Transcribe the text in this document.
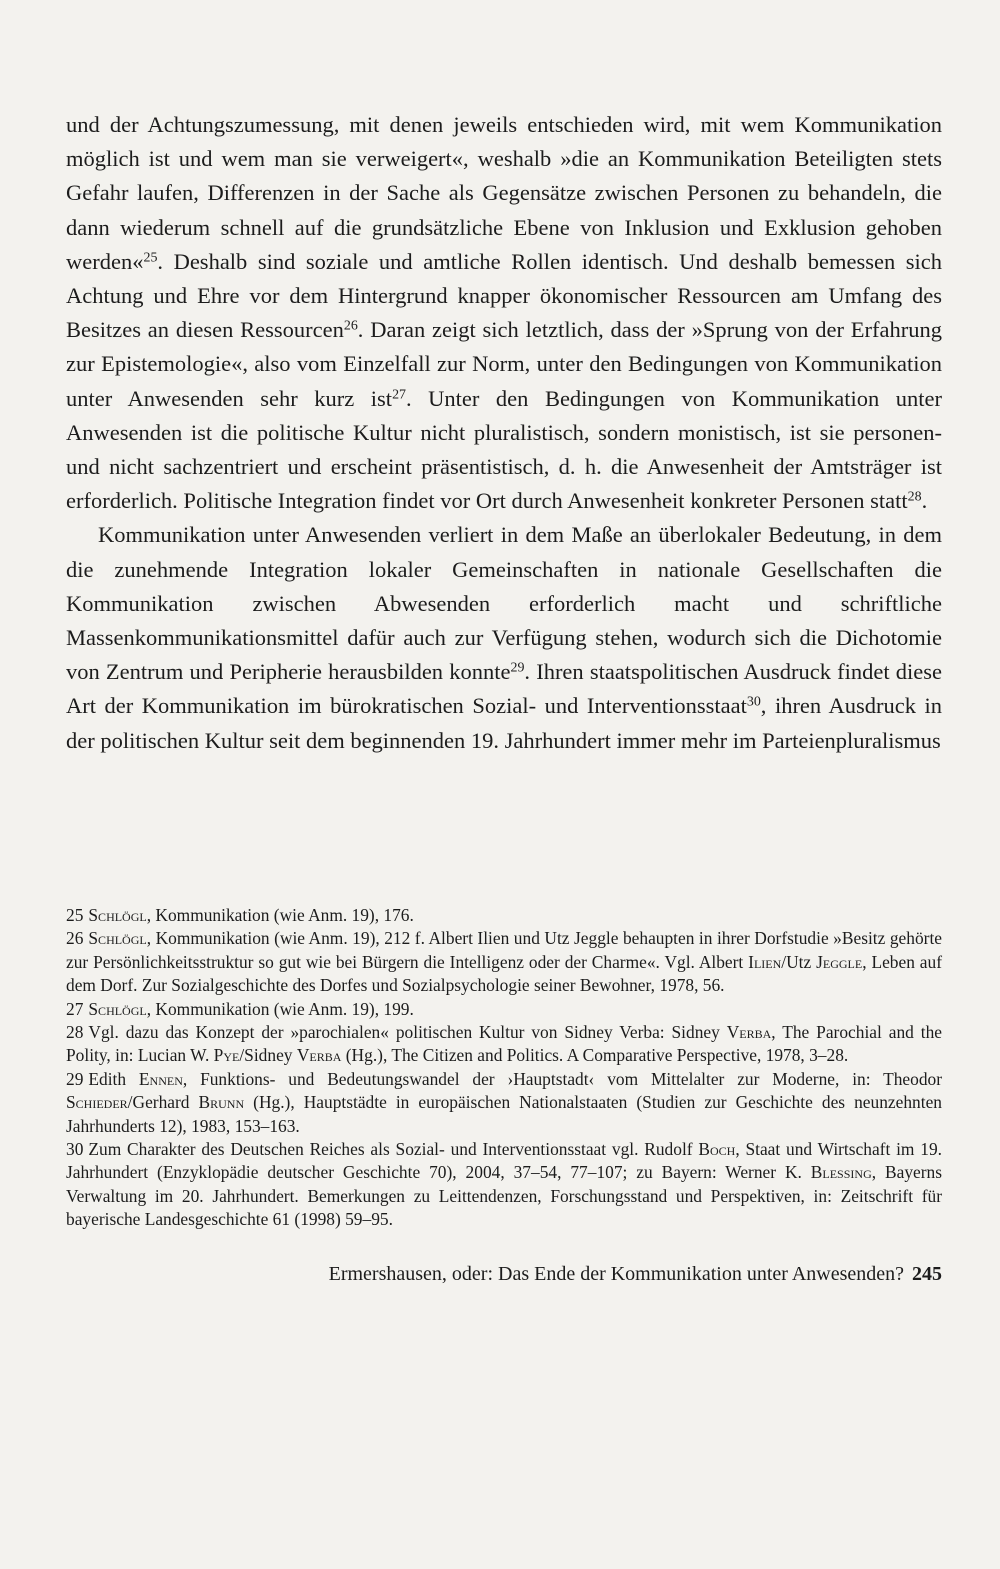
und der Achtungszumessung, mit denen jeweils entschieden wird, mit wem Kommunikation möglich ist und wem man sie verweigert«, weshalb »die an Kommunikation Beteiligten stets Gefahr laufen, Differenzen in der Sache als Gegensätze zwischen Personen zu behandeln, die dann wiederum schnell auf die grundsätzliche Ebene von Inklusion und Exklusion gehoben werden«$^{25}$. Deshalb sind soziale und amtliche Rollen identisch. Und deshalb bemessen sich Achtung und Ehre vor dem Hintergrund knapper ökonomischer Ressourcen am Umfang des Besitzes an diesen Ressourcen$^{26}$. Daran zeigt sich letztlich, dass der »Sprung von der Erfahrung zur Epistemologie«, also vom Einzelfall zur Norm, unter den Bedingungen von Kommunikation unter Anwesenden sehr kurz ist$^{27}$. Unter den Bedingungen von Kommunikation unter Anwesenden ist die politische Kultur nicht pluralistisch, sondern monistisch, ist sie personen- und nicht sachzentriert und erscheint präsentistisch, d. h. die Anwesenheit der Amtsträger ist erforderlich. Politische Integration findet vor Ort durch Anwesenheit konkreter Personen statt$^{28}$.

Kommunikation unter Anwesenden verliert in dem Maße an überlokaler Bedeutung, in dem die zunehmende Integration lokaler Gemeinschaften in nationale Gesellschaften die Kommunikation zwischen Abwesenden erforderlich macht und schriftliche Massenkommunikationsmittel dafür auch zur Verfügung stehen, wodurch sich die Dichotomie von Zentrum und Peripherie herausbilden konnte$^{29}$. Ihren staatspolitischen Ausdruck findet diese Art der Kommunikation im bürokratischen Sozial- und Interventionsstaat$^{30}$, ihren Ausdruck in der politischen Kultur seit dem beginnenden 19. Jahrhundert immer mehr im Parteienpluralismus

25 Schlögl, Kommunikation (wie Anm. 19), 176.

26 Schlögl, Kommunikation (wie Anm. 19), 212 f. Albert Ilien und Utz Jeggle behaupten in ihrer Dorfstudie »Besitz gehörte zur Persönlichkeitsstruktur so gut wie bei Bürgern die Intelligenz oder der Charme«. Vgl. Albert Ilien/Utz Jeggle, Leben auf dem Dorf. Zur Sozialgeschichte des Dorfes und Sozialpsychologie seiner Bewohner, 1978, 56.

27 Schlögl, Kommunikation (wie Anm. 19), 199.

28 Vgl. dazu das Konzept der »parochialen« politischen Kultur von Sidney Verba: Sidney Verba, The Parochial and the Polity, in: Lucian W. Pye/Sidney Verba (Hg.), The Citizen and Politics. A Comparative Perspective, 1978, 3–28.

29 Edith Ennen, Funktions- und Bedeutungswandel der ›Hauptstadt‹ vom Mittelalter zur Moderne, in: Theodor Schieder/Gerhard Brunn (Hg.), Hauptstädte in europäischen Nationalstaaten (Studien zur Geschichte des neunzehnten Jahrhunderts 12), 1983, 153–163.

30 Zum Charakter des Deutschen Reiches als Sozial- und Interventionsstaat vgl. Rudolf Boch, Staat und Wirtschaft im 19. Jahrhundert (Enzyklopädie deutscher Geschichte 70), 2004, 37–54, 77–107; zu Bayern: Werner K. Blessing, Bayerns Verwaltung im 20. Jahrhundert. Bemerkungen zu Leittendenzen, Forschungsstand und Perspektiven, in: Zeitschrift für bayerische Landesgeschichte 61 (1998) 59–95.

Ermershausen, oder: Das Ende der Kommunikation unter Anwesenden? 245
